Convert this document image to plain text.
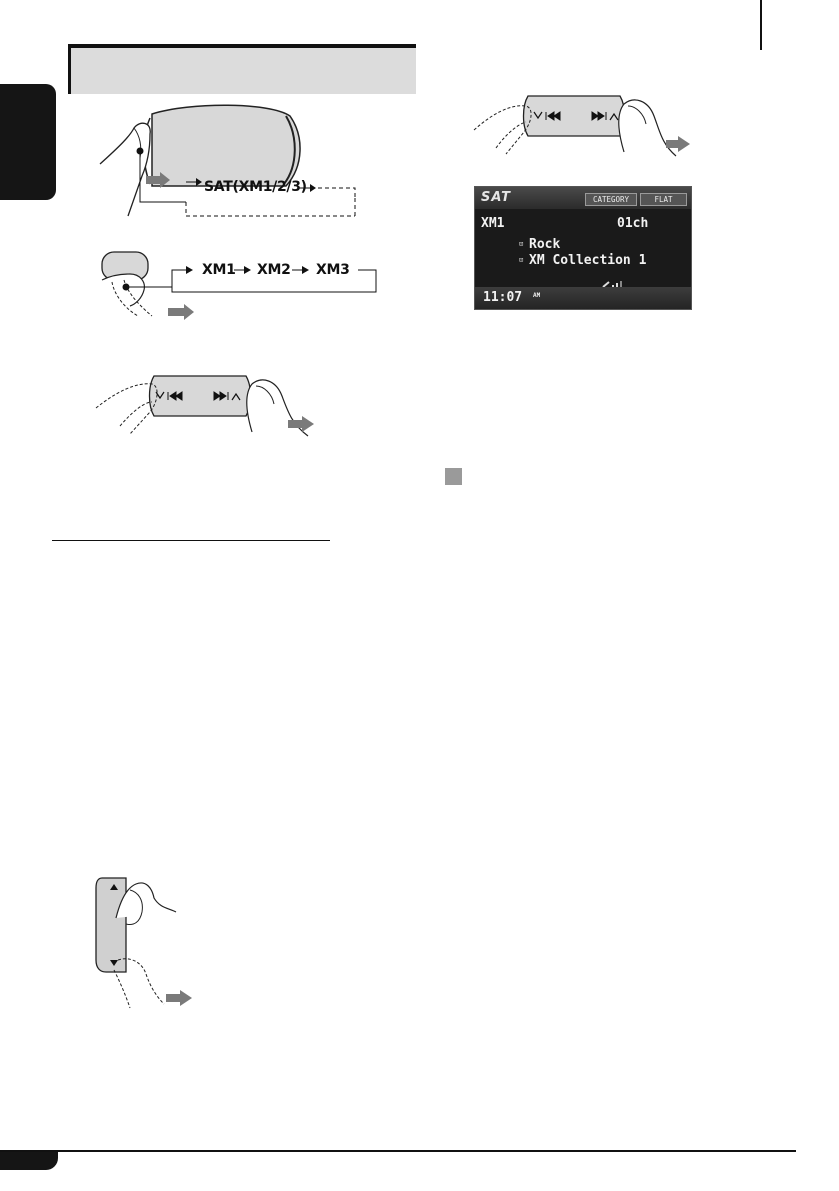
SAT(XM1/2/3)
XM1 XM2 XM3
SAT	CATEGORY	FLAT
XM1	01ch
⊡ Rock
⊡ XM Collection 1
11:07 AM
